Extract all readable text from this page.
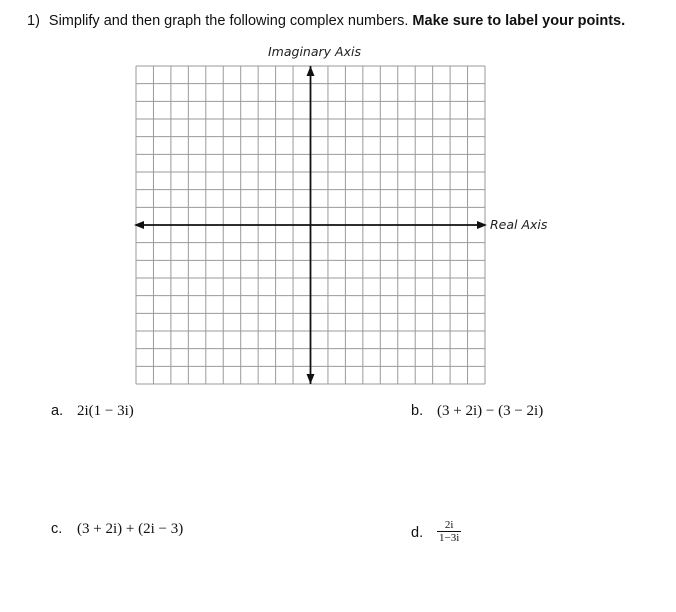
1) Simplify and then graph the following complex numbers. Make sure to label your points.
Imaginary Axis
Real Axis
a. 2i(1 − 3i)	b. (3 + 2i) − (3 − 2i)
c. (3 + 2i) + (2i − 3)	d. $\frac{2i}{1-3i}$
